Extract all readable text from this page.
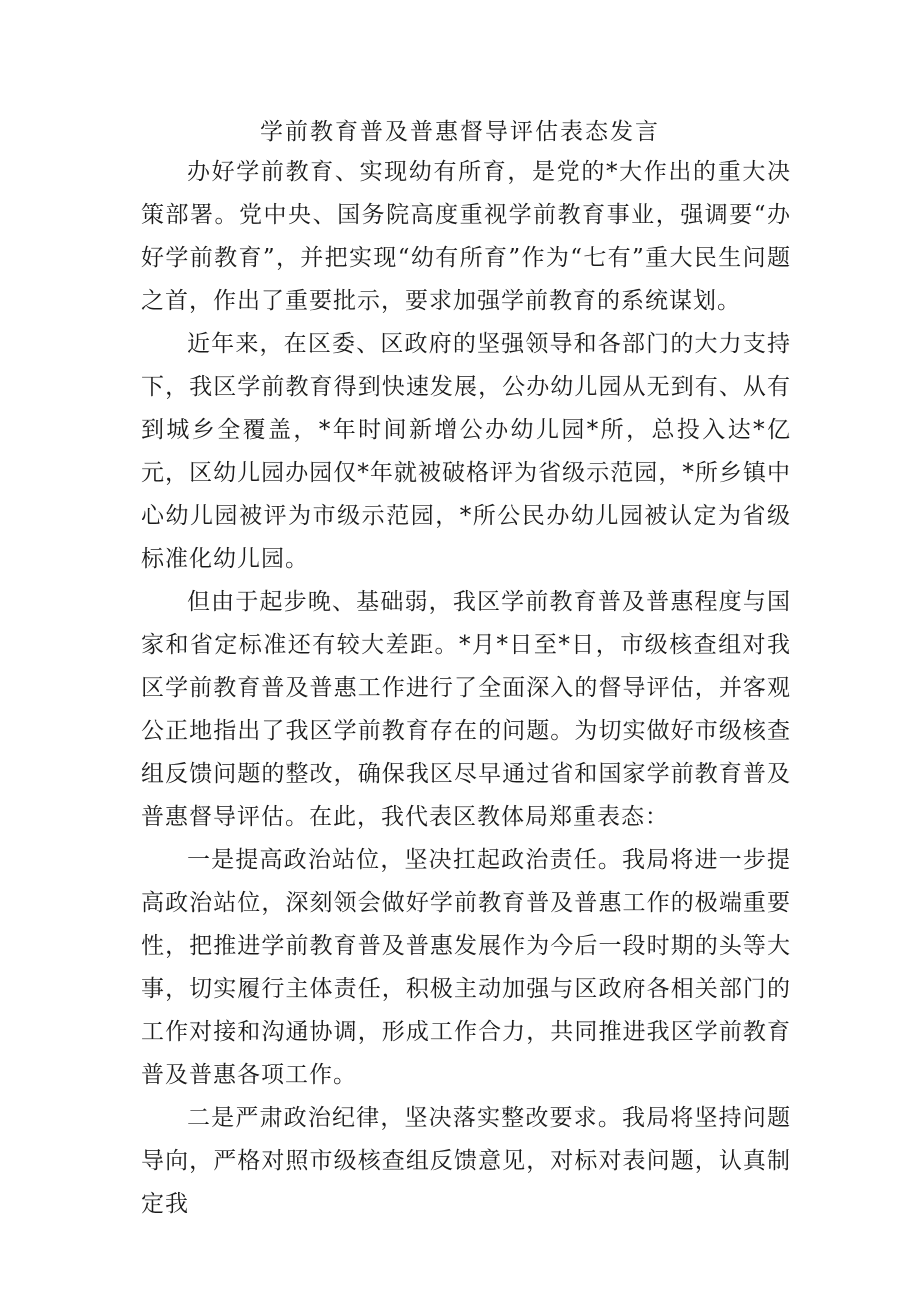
学前教育普及普惠督导评估表态发言

办好学前教育、实现幼有所育，是党的*大作出的重大决策部署。党中央、国务院高度重视学前教育事业，强调要“办好学前教育”，并把实现“幼有所育”作为“七有”重大民生问题之首，作出了重要批示，要求加强学前教育的系统谋划。

近年来，在区委、区政府的坚强领导和各部门的大力支持下，我区学前教育得到快速发展，公办幼儿园从无到有、从有到城乡全覆盖，*年时间新增公办幼儿园*所，总投入达*亿元，区幼儿园办园仅*年就被破格评为省级示范园，*所乡镇中心幼儿园被评为市级示范园，*所公民办幼儿园被认定为省级标准化幼儿园。

但由于起步晚、基础弱，我区学前教育普及普惠程度与国家和省定标准还有较大差距。*月*日至*日，市级核查组对我区学前教育普及普惠工作进行了全面深入的督导评估，并客观公正地指出了我区学前教育存在的问题。为切实做好市级核查组反馈问题的整改，确保我区尽早通过省和国家学前教育普及普惠督导评估。在此，我代表区教体局郑重表态：

一是提高政治站位，坚决扛起政治责任。我局将进一步提高政治站位，深刻领会做好学前教育普及普惠工作的极端重要性，把推进学前教育普及普惠发展作为今后一段时期的头等大事，切实履行主体责任，积极主动加强与区政府各相关部门的工作对接和沟通协调，形成工作合力，共同推进我区学前教育普及普惠各项工作。

二是严肃政治纪律，坚决落实整改要求。我局将坚持问题导向，严格对照市级核查组反馈意见，对标对表问题，认真制定我
